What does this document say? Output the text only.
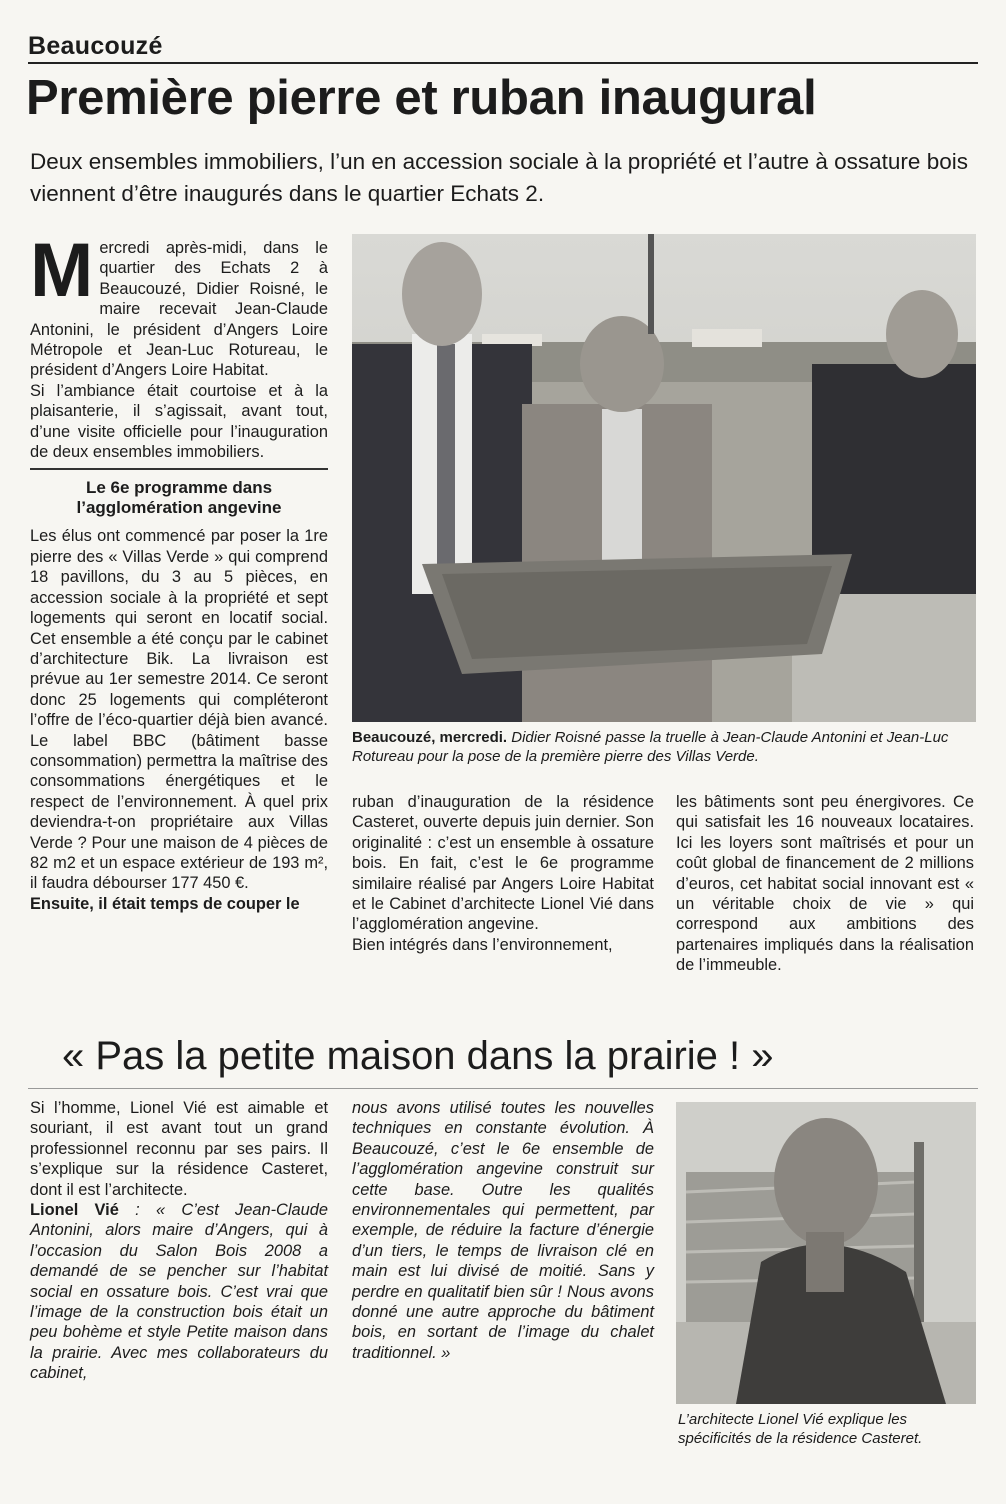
Beaucouzé
Première pierre et ruban inaugural
Deux ensembles immobiliers, l’un en accession sociale à la propriété et l’autre à ossature bois viennent d’être inaugurés dans le quartier Echats 2.

M ercredi après-midi, dans le quartier des Echats 2 à Beaucouzé, Didier Roisné, le maire recevait Jean-Claude Antonini, le président d’Angers Loire Métropole et Jean-Luc Rotureau, le président d’Angers Loire Habitat.

Si l’ambiance était courtoise et à la plaisanterie, il s’agissait, avant tout, d’une visite officielle pour l’inauguration de deux ensembles immobiliers.

Le 6e programme dans l’agglomération angevine

Les élus ont commencé par poser la 1re pierre des « Villas Verde » qui comprend 18 pavillons, du 3 au 5 pièces, en accession sociale à la propriété et sept logements qui seront en locatif social. Cet ensemble a été conçu par le cabinet d’architecture Bik. La livraison est prévue au 1er semestre 2014. Ce seront donc 25 logements qui compléteront l’offre de l’éco-quartier déjà bien avancé. Le label BBC (bâtiment basse consommation) permettra la maîtrise des consommations énergétiques et le respect de l’environnement. À quel prix deviendra-t-on propriétaire aux Villas Verde ? Pour une maison de 4 pièces de 82 m2 et un espace extérieur de 193 m², il faudra débourser 177 450 €.

Ensuite, il était temps de couper le

Beaucouzé, mercredi. Didier Roisné passe la truelle à Jean-Claude Antonini et Jean-Luc Rotureau pour la pose de la première pierre des Villas Verde.

ruban d’inauguration de la résidence Casteret, ouverte depuis juin dernier. Son originalité : c’est un ensemble à ossature bois. En fait, c’est le 6e programme similaire réalisé par Angers Loire Habitat et le Cabinet d’architecte Lionel Vié dans l’agglomération angevine.

Bien intégrés dans l’environnement,

les bâtiments sont peu énergivores. Ce qui satisfait les 16 nouveaux locataires. Ici les loyers sont maîtrisés et pour un coût global de financement de 2 millions d’euros, cet habitat social innovant est « un véritable choix de vie » qui correspond aux ambitions des partenaires impliqués dans la réalisation de l’immeuble.

« Pas la petite maison dans la prairie ! »

Si l’homme, Lionel Vié est aimable et souriant, il est avant tout un grand professionnel reconnu par ses pairs. Il s’explique sur la résidence Casteret, dont il est l’architecte.

Lionel Vié : « C’est Jean-Claude Antonini, alors maire d’Angers, qui à l’occasion du Salon Bois 2008 a demandé de se pencher sur l’habitat social en ossature bois. C’est vrai que l’image de la construction bois était un peu bohème et style Petite maison dans la prairie. Avec mes collaborateurs du cabinet,

nous avons utilisé toutes les nouvelles techniques en constante évolution. À Beaucouzé, c’est le 6e ensemble de l’agglomération angevine construit sur cette base. Outre les qualités environnementales qui permettent, par exemple, de réduire la facture d’énergie d’un tiers, le temps de livraison clé en main est lui divisé de moitié. Sans y perdre en qualitatif bien sûr ! Nous avons donné une autre approche du bâtiment bois, en sortant de l’image du chalet traditionnel. »

L’architecte Lionel Vié explique les spécificités de la résidence Casteret.
